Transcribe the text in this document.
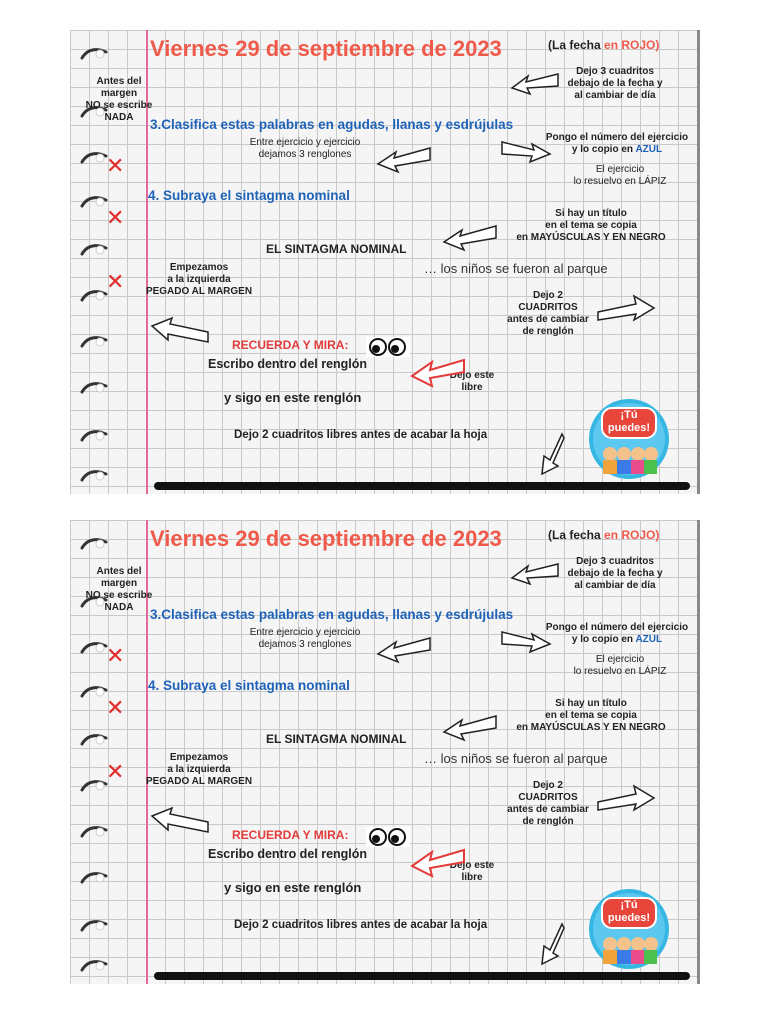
Viernes 29 de septiembre de 2023	(La fecha en ROJO)
Antes del
margen
NO se escribe
NADA
Dejo 3 cuadritos
debajo de la fecha y
al cambiar de día
3.Clasifica estas palabras en agudas, llanas y esdrújulas
Entre ejercicio y ejercicio
dejamos 3 renglones
Pongo el número del ejercicio
y lo copio en AZUL
El ejercicio
lo resuelvo en LÁPIZ
4. Subraya el sintagma nominal
Si hay un título
en el tema se copia
en MAYÚSCULAS Y EN NEGRO
EL SINTAGMA NOMINAL
… los niños se fueron al parque
Empezamos
a la izquierda
PEGADO AL MARGEN	Dejo 2
CUADRITOS
antes de cambiar
de renglón
RECUERDA Y MIRA:
Escribo dentro del renglón
Dejo este
libre
y sigo en este renglón
Dejo 2 cuadritos libres antes de acabar la hoja
✕
✕
✕
¡Tú
puedes!
Viernes 29 de septiembre de 2023	(La fecha en ROJO)
Antes del
margen
NO se escribe
NADA
Dejo 3 cuadritos
debajo de la fecha y
al cambiar de día
3.Clasifica estas palabras en agudas, llanas y esdrújulas
Entre ejercicio y ejercicio
dejamos 3 renglones
Pongo el número del ejercicio
y lo copio en AZUL
El ejercicio
lo resuelvo en LÁPIZ
4. Subraya el sintagma nominal
Si hay un título
en el tema se copia
en MAYÚSCULAS Y EN NEGRO
EL SINTAGMA NOMINAL
… los niños se fueron al parque
Empezamos
a la izquierda
PEGADO AL MARGEN	Dejo 2
CUADRITOS
antes de cambiar
de renglón
RECUERDA Y MIRA:
Escribo dentro del renglón
Dejo este
libre
y sigo en este renglón
Dejo 2 cuadritos libres antes de acabar la hoja
✕
✕
✕
¡Tú
puedes!
